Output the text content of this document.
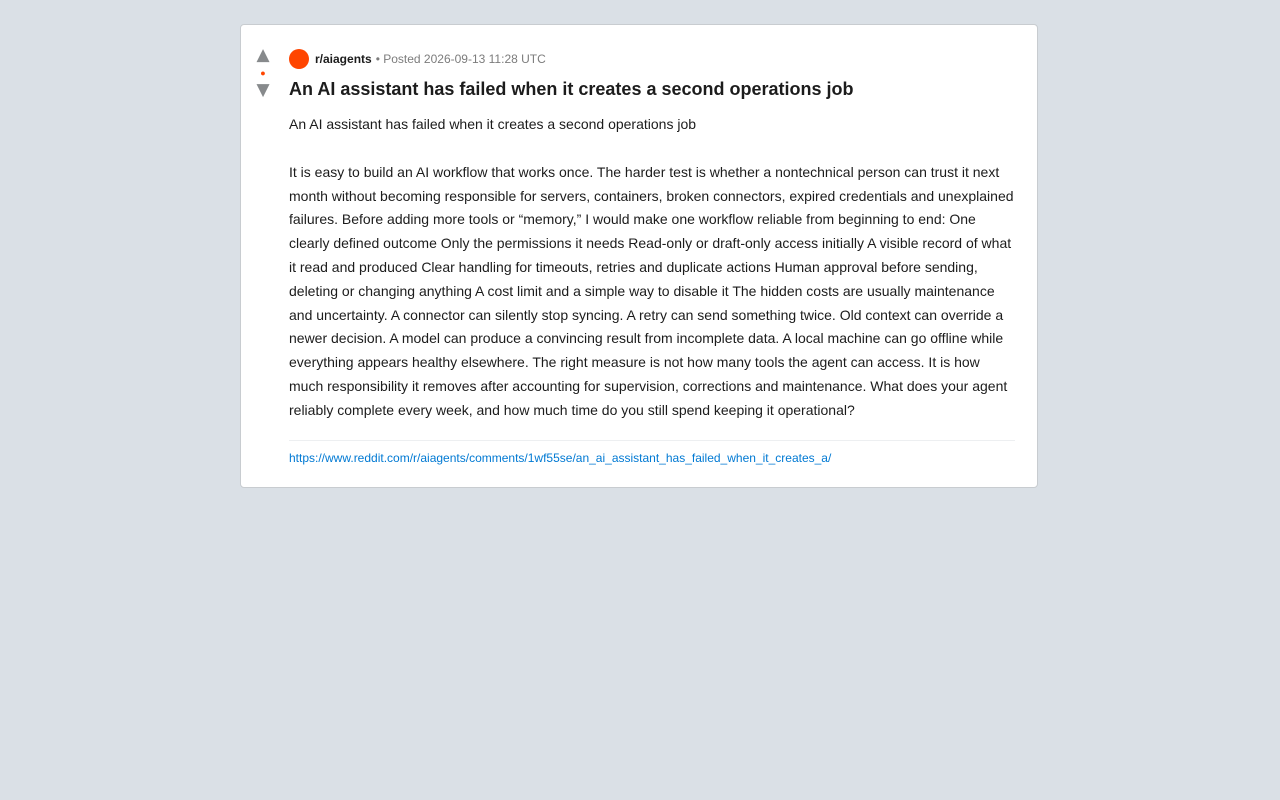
▲
●
▼
r/aiagents • Posted 2026-09-13 11:28 UTC
An AI assistant has failed when it creates a second operations job

An AI assistant has failed when it creates a second operations job

It is easy to build an AI workflow that works once. The harder test is whether a nontechnical person can trust it next month without becoming responsible for servers, containers, broken connectors, expired credentials and unexplained failures. Before adding more tools or “memory,” I would make one workflow reliable from beginning to end: One clearly defined outcome Only the permissions it needs Read-only or draft-only access initially A visible record of what it read and produced Clear handling for timeouts, retries and duplicate actions Human approval before sending, deleting or changing anything A cost limit and a simple way to disable it The hidden costs are usually maintenance and uncertainty. A connector can silently stop syncing. A retry can send something twice. Old context can override a newer decision. A model can produce a convincing result from incomplete data. A local machine can go offline while everything appears healthy elsewhere. The right measure is not how many tools the agent can access. It is how much responsibility it removes after accounting for supervision, corrections and maintenance. What does your agent reliably complete every week, and how much time do you still spend keeping it operational?

https://www.reddit.com/r/aiagents/comments/1wf55se/an_ai_assistant_has_failed_when_it_creates_a/
